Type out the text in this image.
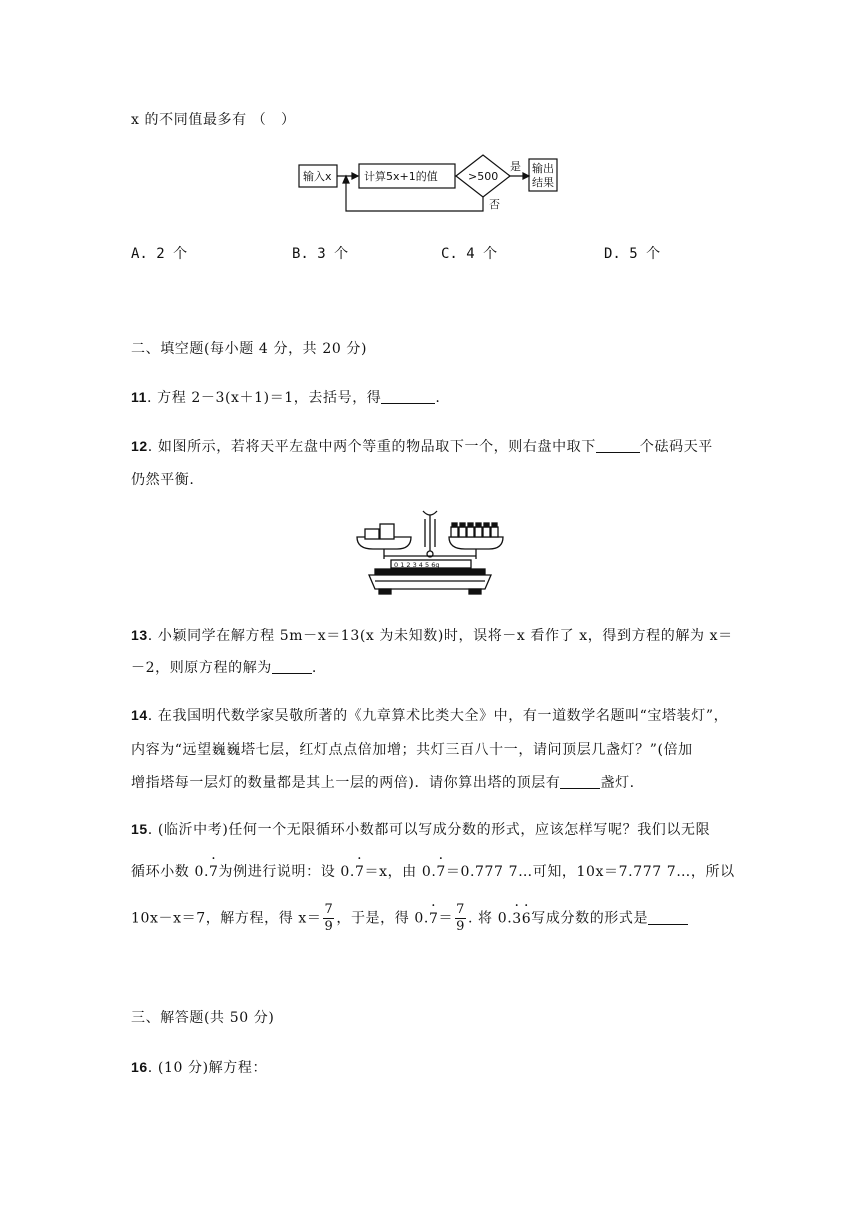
x 的不同值最多有 （　）
输入x	计算5x+1的值	>500
是
否
输出
结果
A. 2 个	B. 3 个	C. 4 个	D. 5 个
二、填空题(每小题 4 分，共 20 分)
11. 方程 2－3(x＋1)＝1，去括号，得	.
12. 如图所示，若将天平左盘中两个等重的物品取下一个，则右盘中取下	个砝码天平
仍然平衡.
0 1 2 3 4 5 6g
13. 小颖同学在解方程 5m－x＝13(x 为未知数)时，误将－x 看作了 x，得到方程的解为 x＝
－2，则原方程的解为	.
14. 在我国明代数学家吴敬所著的《九章算术比类大全》中，有一道数学名题叫“宝塔装灯”，
内容为“远望巍巍塔七层，红灯点点倍加增；共灯三百八十一，请问顶层几盏灯？”(倍加
增指塔每一层灯的数量都是其上一层的两倍)．请你算出塔的顶层有	盏灯.
15. (临沂中考)任何一个无限循环小数都可以写成分数的形式，应该怎样写呢？我们以无限
循环小数 0.· 7为例进行说明：设 0.· 7＝x，由 0.· 7＝0.777 7…可知，10x＝7.777 7…，所以
10x－x＝7，解方程，得 $x= \frac{7}{9}$ ，于是，得 $0.\cdot 7= \frac{7}{9}$ . 将 0.· 3· 6写成分数的形式是
三、解答题(共 50 分)
16. (10 分)解方程：
